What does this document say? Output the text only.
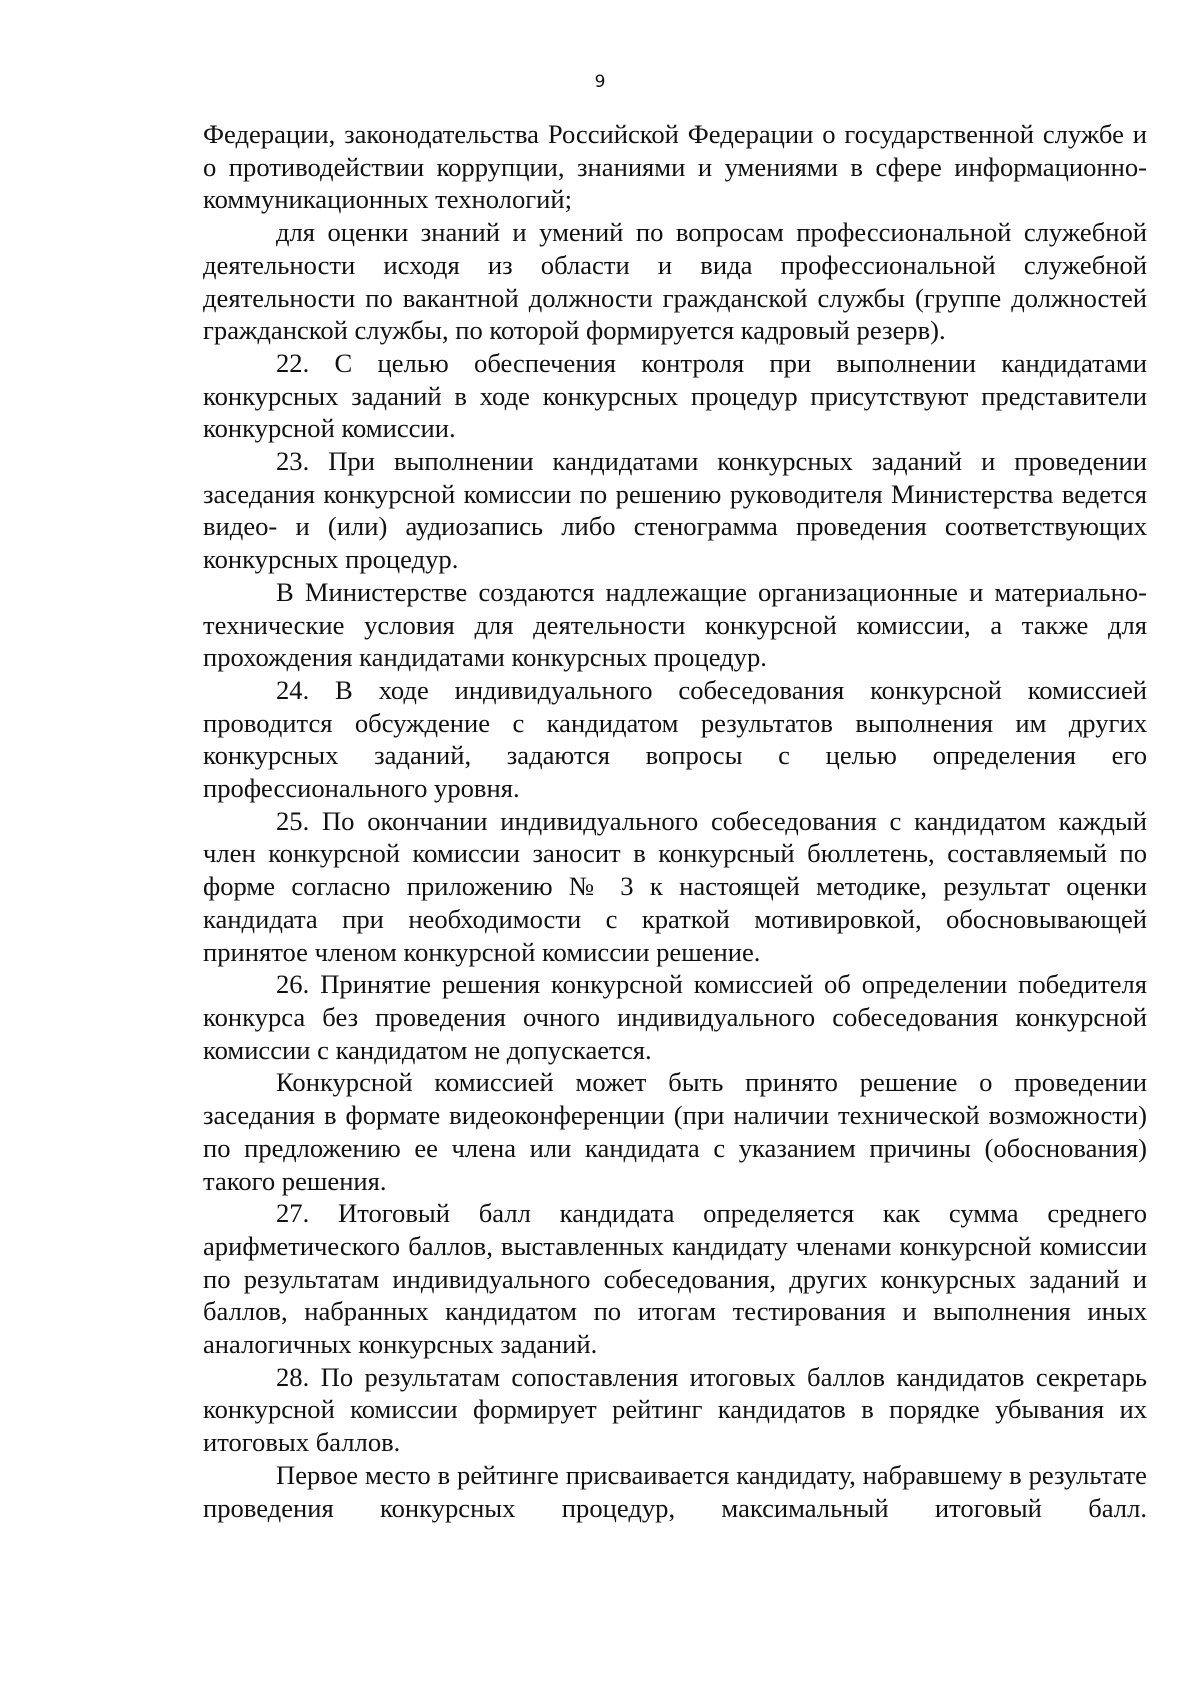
9

Федерации, законодательства Российской Федерации о государственной службе и о противодействии коррупции, знаниями и умениями в сфере информационно-коммуникационных технологий;

для оценки знаний и умений по вопросам профессиональной служебной деятельности исходя из области и вида профессиональной служебной деятельности по вакантной должности гражданской службы (группе должностей гражданской службы, по которой формируется кадровый резерв).

22. С целью обеспечения контроля при выполнении кандидатами конкурсных заданий в ходе конкурсных процедур присутствуют представители конкурсной комиссии.

23. При выполнении кандидатами конкурсных заданий и проведении заседания конкурсной комиссии по решению руководителя Министерства ведется видео- и (или) аудиозапись либо стенограмма проведения соответствующих конкурсных процедур.

В Министерстве создаются надлежащие организационные и материально-технические условия для деятельности конкурсной комиссии, а также для прохождения кандидатами конкурсных процедур.

24. В ходе индивидуального собеседования конкурсной комиссией проводится обсуждение с кандидатом результатов выполнения им других конкурсных заданий, задаются вопросы с целью определения его профессионального уровня.

25. По окончании индивидуального собеседования с кандидатом каждый член конкурсной комиссии заносит в конкурсный бюллетень, составляемый по форме согласно приложению № 3 к настоящей методике, результат оценки кандидата при необходимости с краткой мотивировкой, обосновывающей принятое членом конкурсной комиссии решение.

26. Принятие решения конкурсной комиссией об определении победителя конкурса без проведения очного индивидуального собеседования конкурсной комиссии с кандидатом не допускается.

Конкурсной комиссией может быть принято решение о проведении заседания в формате видеоконференции (при наличии технической возможности) по предложению ее члена или кандидата с указанием причины (обоснования) такого решения.

27. Итоговый балл кандидата определяется как сумма среднего арифметического баллов, выставленных кандидату членами конкурсной комиссии по результатам индивидуального собеседования, других конкурсных заданий и баллов, набранных кандидатом по итогам тестирования и выполнения иных аналогичных конкурсных заданий.

28. По результатам сопоставления итоговых баллов кандидатов секретарь конкурсной комиссии формирует рейтинг кандидатов в порядке убывания их итоговых баллов.

Первое место в рейтинге присваивается кандидату, набравшему в результате проведения конкурсных процедур, максимальный итоговый балл.
